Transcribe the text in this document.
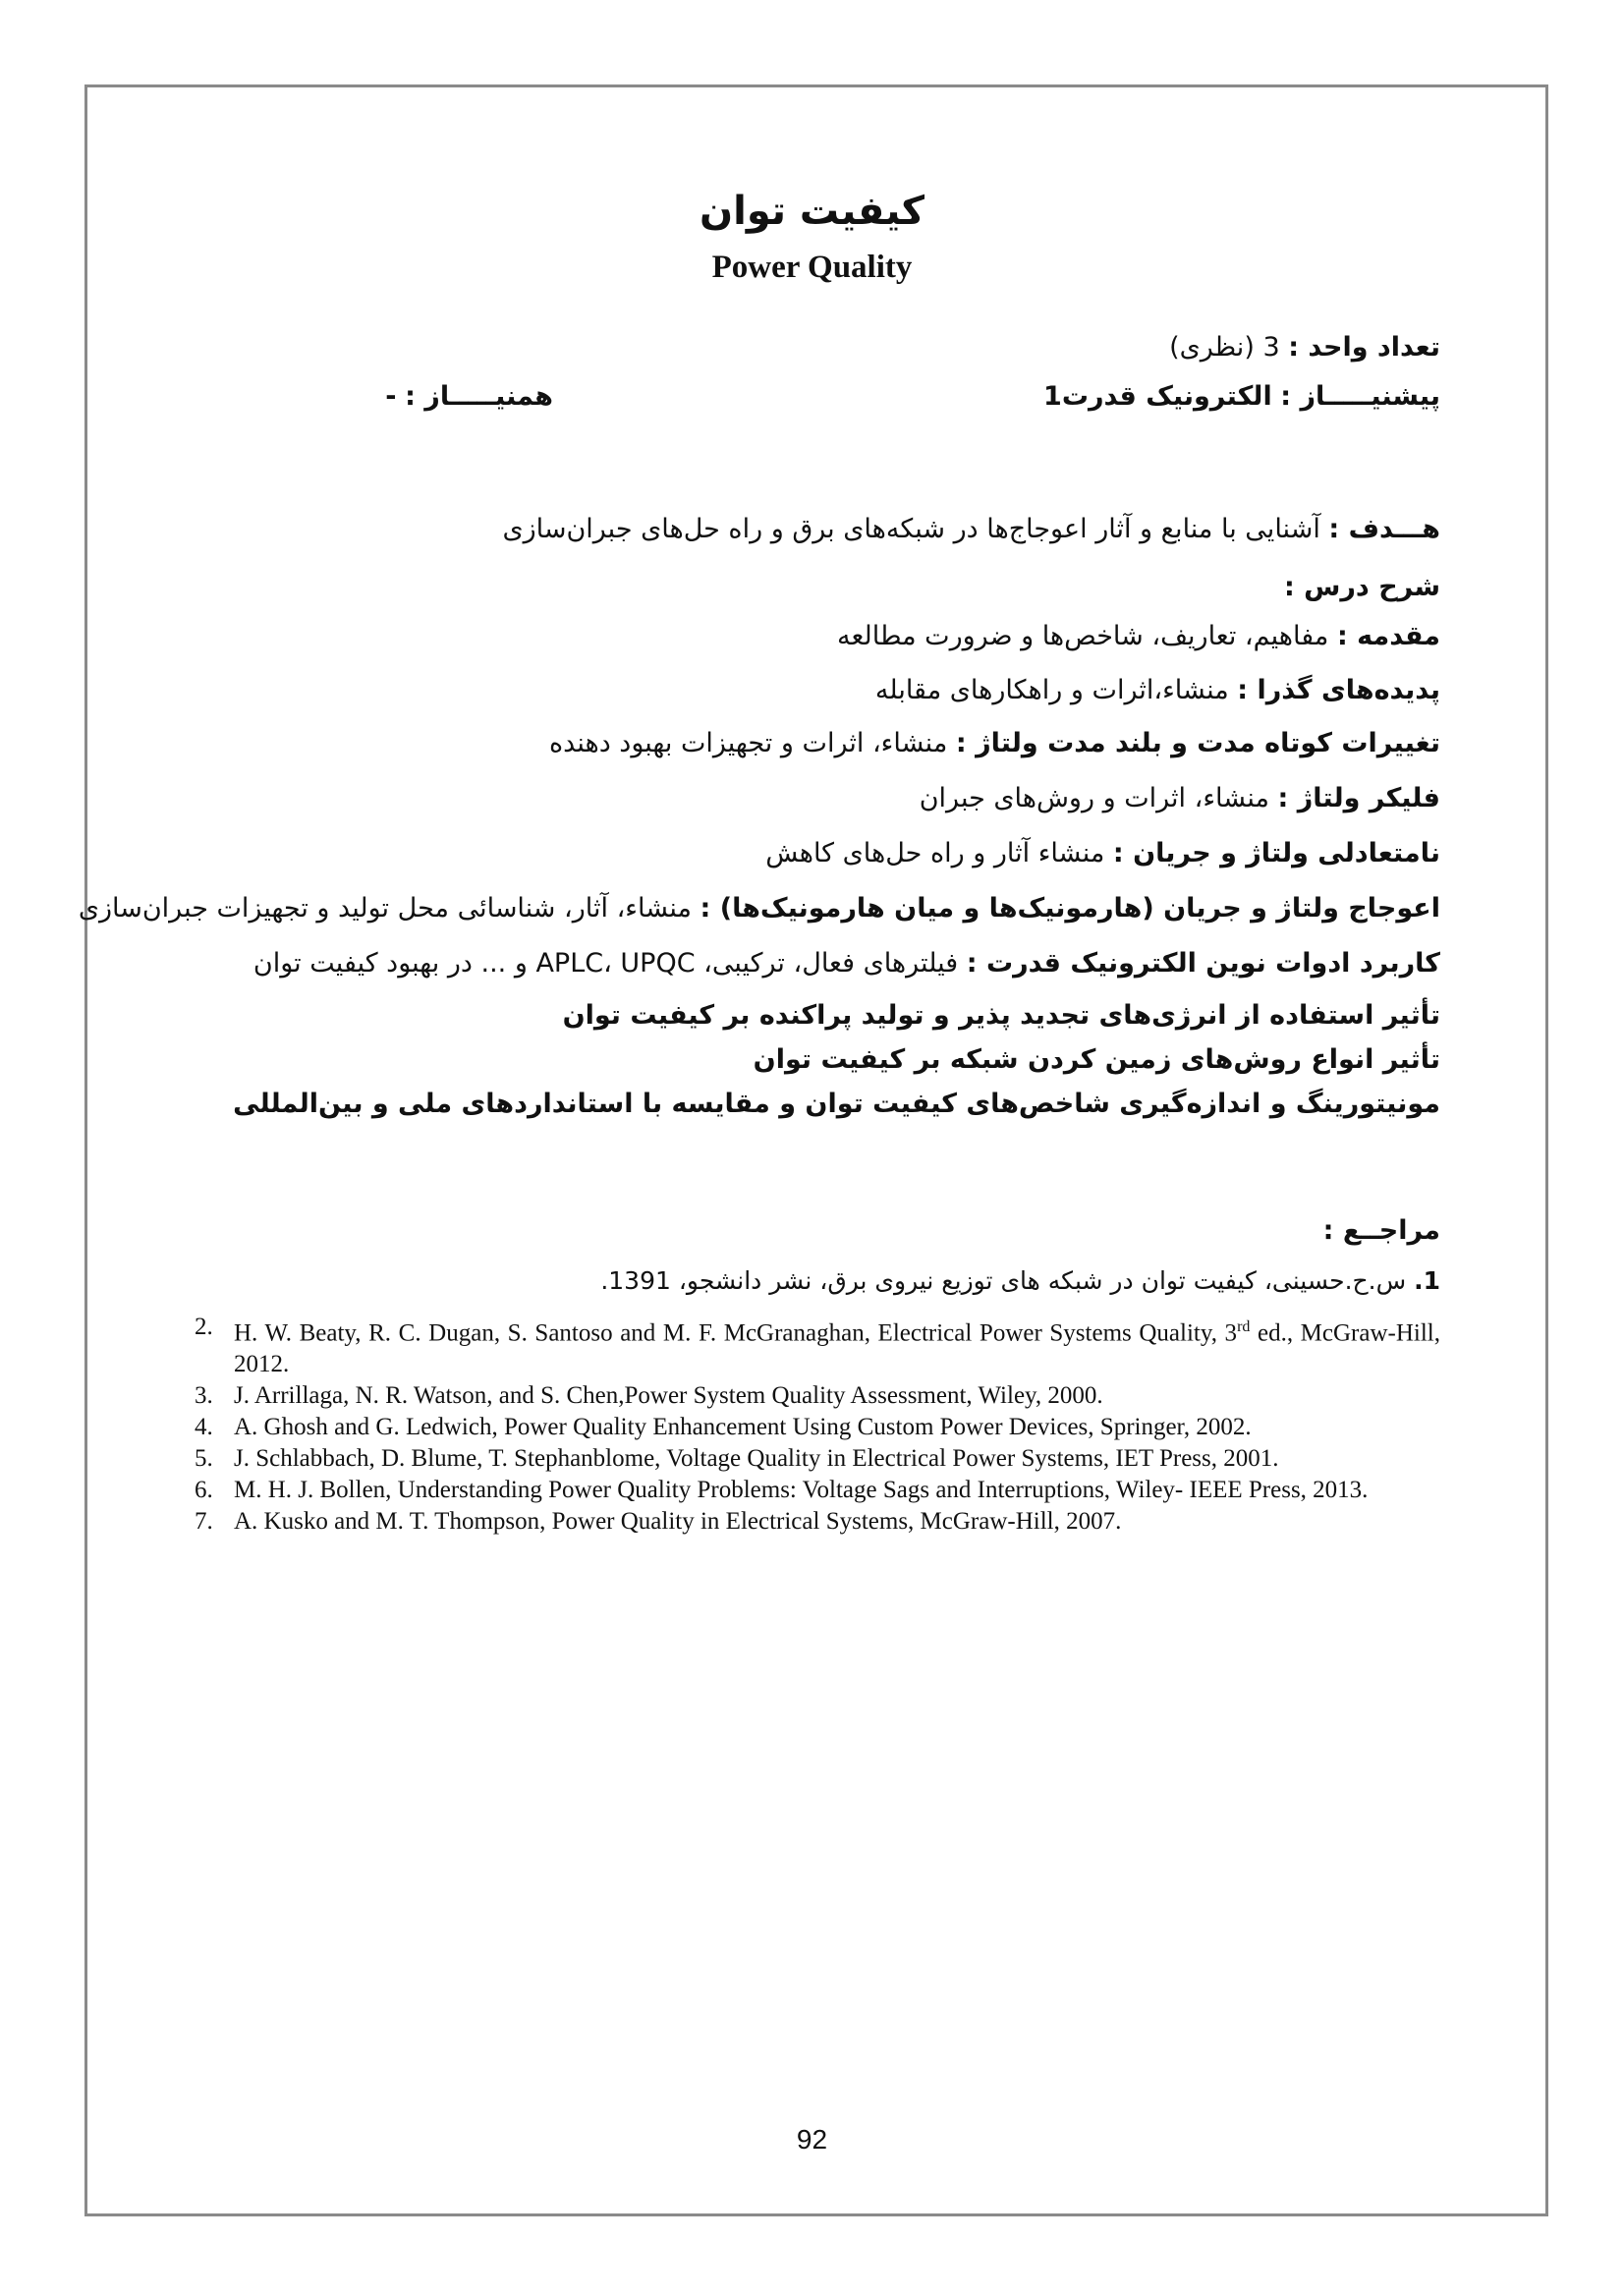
کیفیت توان
Power Quality
تعداد واحد : 3 (نظری)
پیشنیـــــاز : الکترونیک قدرت1
همنیـــــاز : -
هـــدف : آشنایی با منابع و آثار اعوجاج‌ها در شبکه‌های برق و راه حل‌های جبران‌سازی
شرح درس :
مقدمه : مفاهیم، تعاریف، شاخص‌ها و ضرورت مطالعه
پدیده‌های گذرا : منشاء،اثرات و راهکارهای مقابله
تغییرات کوتاه مدت و بلند مدت ولتاژ : منشاء، اثرات و تجهیزات بهبود دهنده
فلیکر ولتاژ : منشاء، اثرات و روش‌های جبران
نامتعادلی ولتاژ و جریان : منشاء آثار و راه حل‌های کاهش
اعوجاج ولتاژ و جریان (هارمونیک‌ها و میان هارمونیک‌ها) : منشاء، آثار، شناسائی محل تولید و تجهیزات جبران‌سازی
کاربرد ادوات نوین الکترونیک قدرت : فیلترهای فعال، ترکیبی، APLC، UPQC و ... در بهبود کیفیت توان
تأثیر استفاده از انرژی‌های تجدید پذیر و تولید پراکنده بر کیفیت توان
تأثیر انواع روش‌های زمین کردن شبکه بر کیفیت توان
مونیتورینگ و اندازه‌گیری شاخص‌های کیفیت توان و مقایسه با استانداردهای ملی و بین‌المللی
مراجــع :
1. س.ح.حسینی، کیفیت توان در شبکه های توزیع نیروی برق، نشر دانشجو، 1391.
2. H. W. Beaty, R. C. Dugan, S. Santoso and M. F. McGranaghan, Electrical Power Systems Quality, 3rd ed., McGraw-Hill, 2012.
3. J. Arrillaga, N. R. Watson, and S. Chen,Power System Quality Assessment, Wiley, 2000.
4. A. Ghosh and G. Ledwich, Power Quality Enhancement Using Custom Power Devices, Springer, 2002.
5. J. Schlabbach, D. Blume, T. Stephanblome, Voltage Quality in Electrical Power Systems, IET Press, 2001.
6. M. H. J. Bollen, Understanding Power Quality Problems: Voltage Sags and Interruptions, Wiley- IEEE Press, 2013.
7. A. Kusko and M. T. Thompson, Power Quality in Electrical Systems, McGraw-Hill, 2007.
92
